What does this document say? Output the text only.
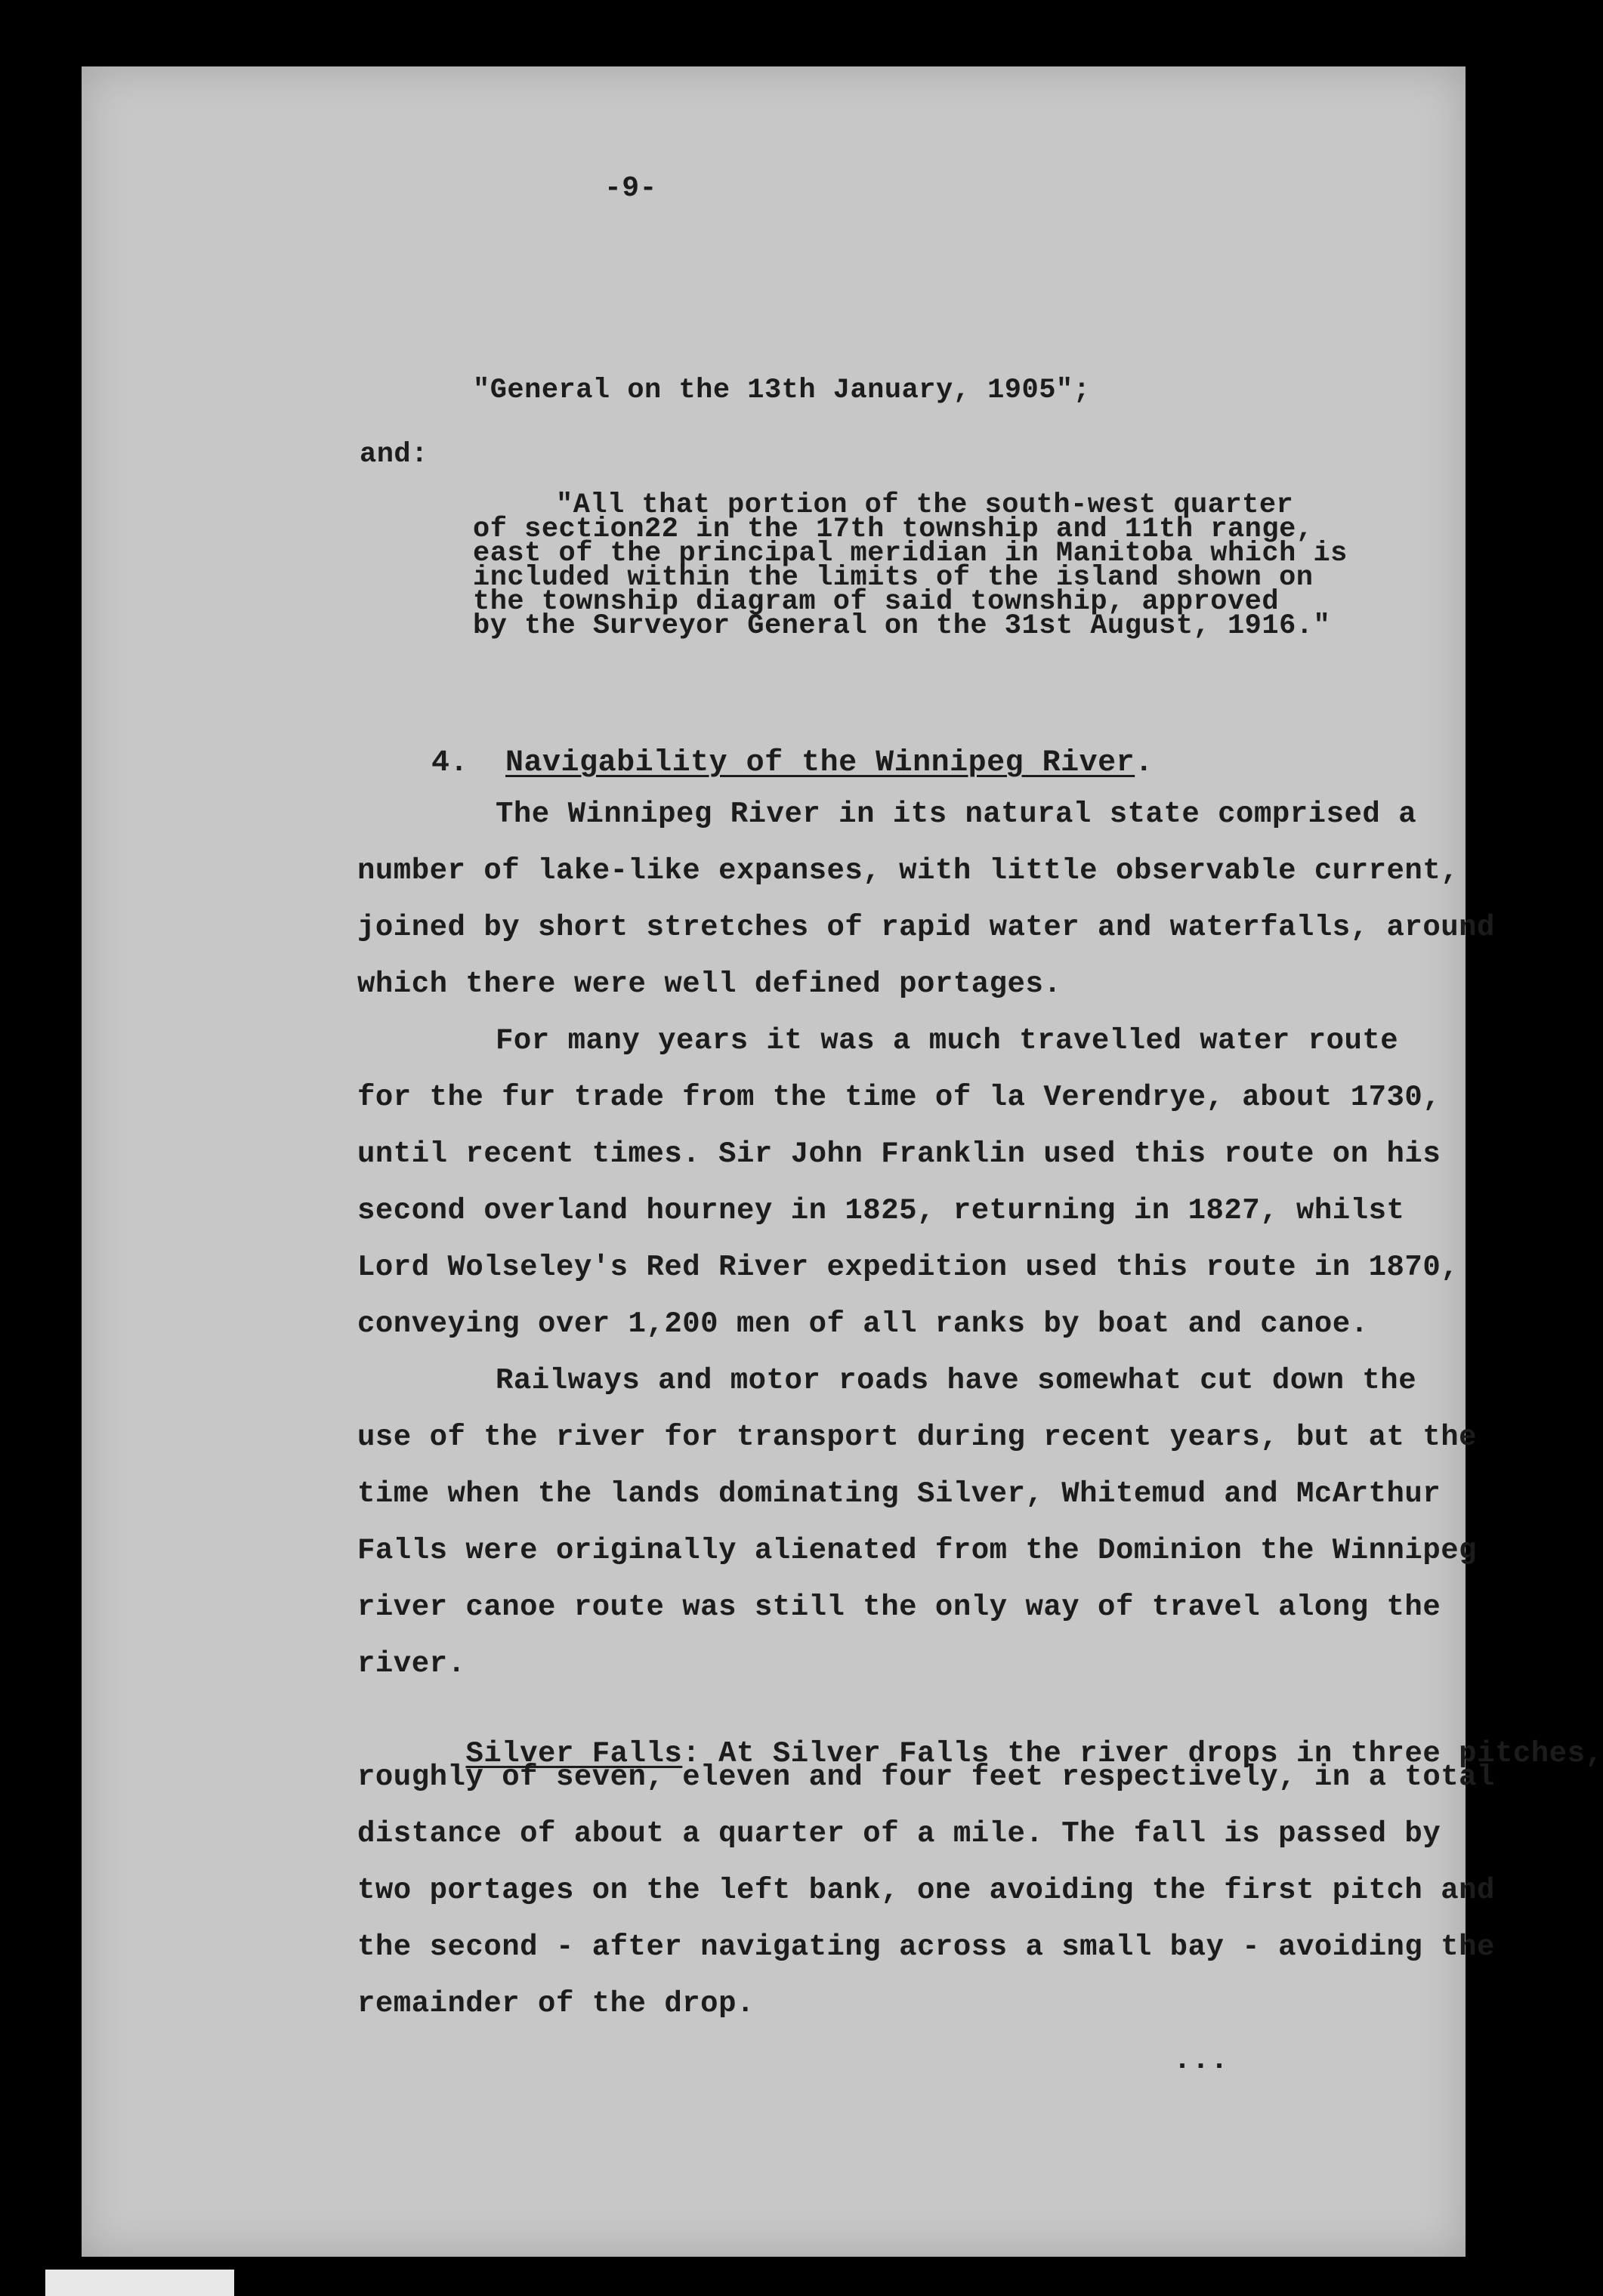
-9-
"General on the 13th January, 1905";
and:
"All that portion of the south-west quarter
of section22 in the 17th township and 11th range,
east of the principal meridian in Manitoba which is
included within the limits of the island shown on
the township diagram of said township, approved
by the Surveyor General on the 31st August, 1916."

4. Navigability of the Winnipeg River.

The Winnipeg River in its natural state comprised a
number of lake-like expanses, with little observable current,
joined by short stretches of rapid water and waterfalls, around
which there were well defined portages.
For many years it was a much travelled water route
for the fur trade from the time of la Verendrye, about 1730,
until recent times. Sir John Franklin used this route on his
second overland hourney in 1825, returning in 1827, whilst
Lord Wolseley's Red River expedition used this route in 1870,
conveying over 1,200 men of all ranks by boat and canoe.
Railways and motor roads have somewhat cut down the
use of the river for transport during recent years, but at the
time when the lands dominating Silver, Whitemud and McArthur
Falls were originally alienated from the Dominion the Winnipeg
river canoe route was still the only way of travel along the
river.

Silver Falls: At Silver Falls the river drops in three pitches,

roughly of seven, eleven and four feet respectively, in a total
distance of about a quarter of a mile. The fall is passed by
two portages on the left bank, one avoiding the first pitch and
the second - after navigating across a small bay - avoiding the
remainder of the drop.
...
